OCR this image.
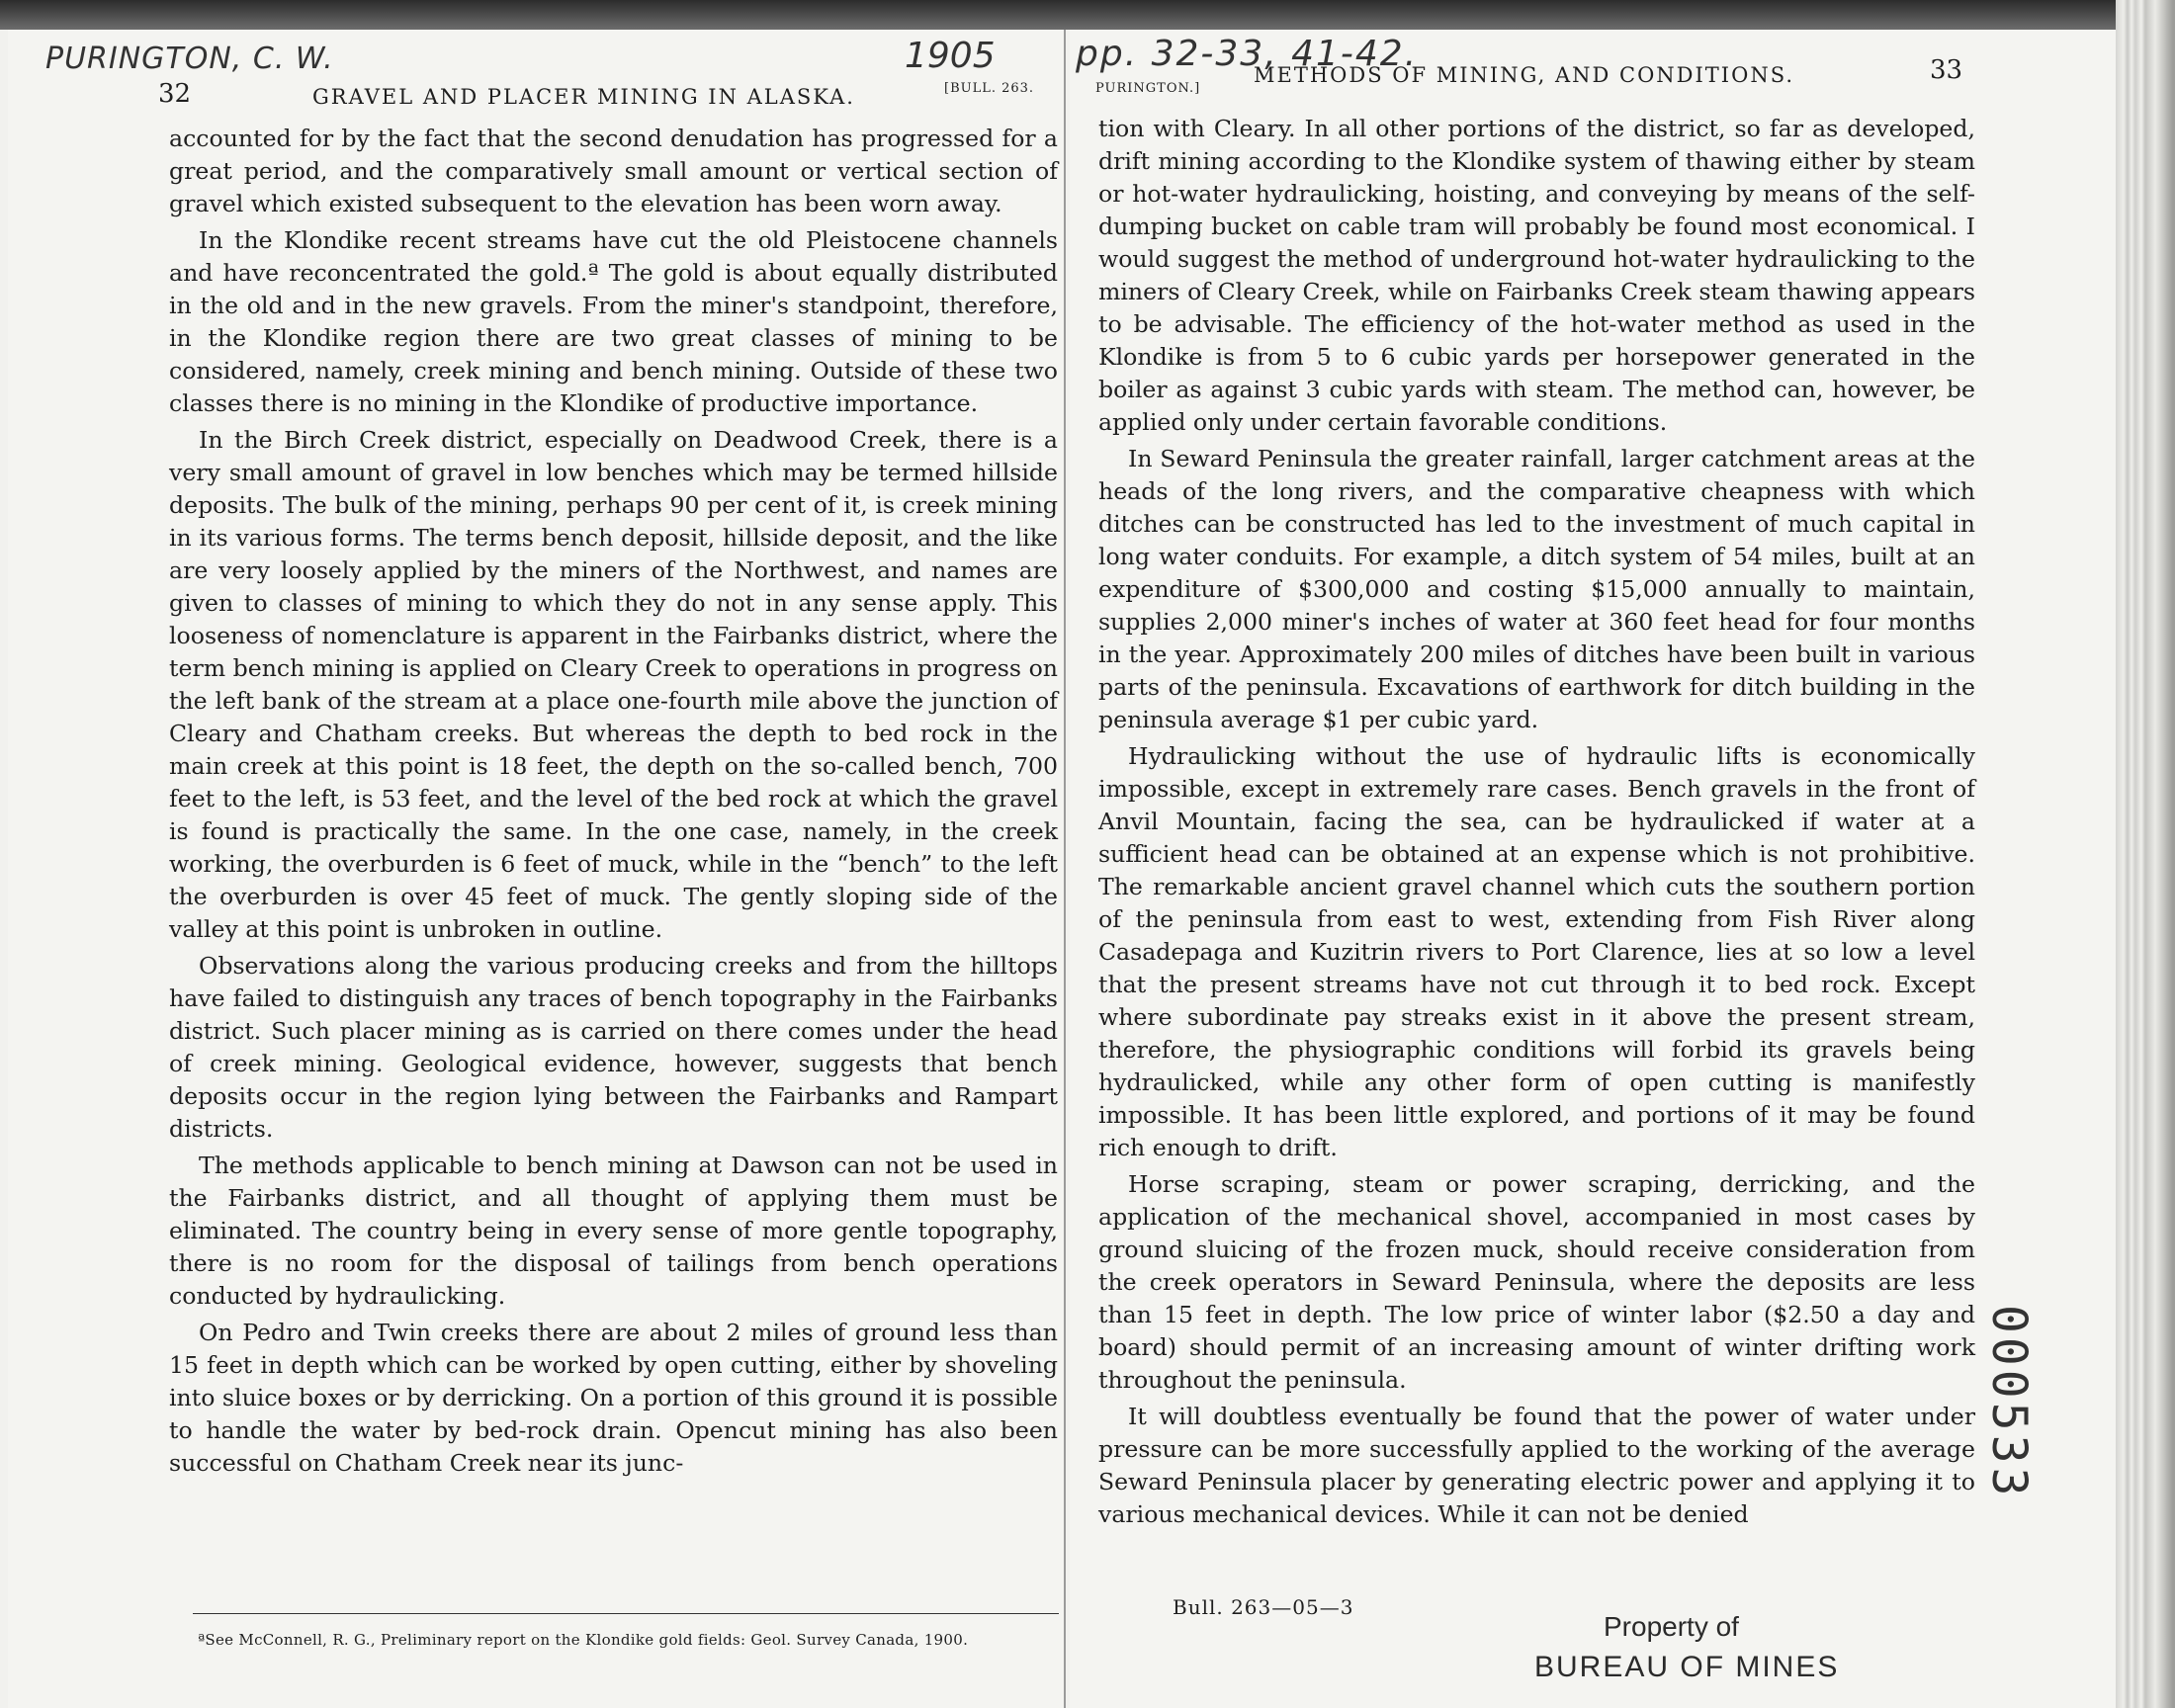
PURINGTON, C. W.	1905 pp. 32-33, 41-42.
32	GRAVEL AND PLACER MINING IN ALASKA.	[BULL. 263.

accounted for by the fact that the second denudation has progressed for a great period, and the comparatively small amount or vertical section of gravel which existed subsequent to the elevation has been worn away.

In the Klondike recent streams have cut the old Pleistocene channels and have reconcentrated the gold.ª The gold is about equally distributed in the old and in the new gravels. From the miner's standpoint, therefore, in the Klondike region there are two great classes of mining to be considered, namely, creek mining and bench mining. Outside of these two classes there is no mining in the Klondike of productive importance.

In the Birch Creek district, especially on Deadwood Creek, there is a very small amount of gravel in low benches which may be termed hillside deposits. The bulk of the mining, perhaps 90 per cent of it, is creek mining in its various forms. The terms bench deposit, hillside deposit, and the like are very loosely applied by the miners of the Northwest, and names are given to classes of mining to which they do not in any sense apply. This looseness of nomenclature is apparent in the Fairbanks district, where the term bench mining is applied on Cleary Creek to operations in progress on the left bank of the stream at a place one-fourth mile above the junction of Cleary and Chatham creeks. But whereas the depth to bed rock in the main creek at this point is 18 feet, the depth on the so-called bench, 700 feet to the left, is 53 feet, and the level of the bed rock at which the gravel is found is practically the same. In the one case, namely, in the creek working, the overburden is 6 feet of muck, while in the “bench” to the left the overburden is over 45 feet of muck. The gently sloping side of the valley at this point is unbroken in outline.

Observations along the various producing creeks and from the hilltops have failed to distinguish any traces of bench topography in the Fairbanks district. Such placer mining as is carried on there comes under the head of creek mining. Geological evidence, however, suggests that bench deposits occur in the region lying between the Fairbanks and Rampart districts.

The methods applicable to bench mining at Dawson can not be used in the Fairbanks district, and all thought of applying them must be eliminated. The country being in every sense of more gentle topography, there is no room for the disposal of tailings from bench operations conducted by hydraulicking.

On Pedro and Twin creeks there are about 2 miles of ground less than 15 feet in depth which can be worked by open cutting, either by shoveling into sluice boxes or by derricking. On a portion of this ground it is possible to handle the water by bed-rock drain. Opencut mining has also been successful on Chatham Creek near its junc-

ªSee McConnell, R. G., Preliminary report on the Klondike gold fields: Geol. Survey Canada, 1900.
PURINGTON.]
METHODS OF MINING, AND CONDITIONS.	33

tion with Cleary. In all other portions of the district, so far as developed, drift mining according to the Klondike system of thawing either by steam or hot-water hydraulicking, hoisting, and conveying by means of the self-dumping bucket on cable tram will probably be found most economical. I would suggest the method of underground hot-water hydraulicking to the miners of Cleary Creek, while on Fairbanks Creek steam thawing appears to be advisable. The efficiency of the hot-water method as used in the Klondike is from 5 to 6 cubic yards per horsepower generated in the boiler as against 3 cubic yards with steam. The method can, however, be applied only under certain favorable conditions.

In Seward Peninsula the greater rainfall, larger catchment areas at the heads of the long rivers, and the comparative cheapness with which ditches can be constructed has led to the investment of much capital in long water conduits. For example, a ditch system of 54 miles, built at an expenditure of $300,000 and costing $15,000 annually to maintain, supplies 2,000 miner's inches of water at 360 feet head for four months in the year. Approximately 200 miles of ditches have been built in various parts of the peninsula. Excavations of earthwork for ditch building in the peninsula average $1 per cubic yard.

Hydraulicking without the use of hydraulic lifts is economically impossible, except in extremely rare cases. Bench gravels in the front of Anvil Mountain, facing the sea, can be hydraulicked if water at a sufficient head can be obtained at an expense which is not prohibitive. The remarkable ancient gravel channel which cuts the southern portion of the peninsula from east to west, extending from Fish River along Casadepaga and Kuzitrin rivers to Port Clarence, lies at so low a level that the present streams have not cut through it to bed rock. Except where subordinate pay streaks exist in it above the present stream, therefore, the physiographic conditions will forbid its gravels being hydraulicked, while any other form of open cutting is manifestly impossible. It has been little explored, and portions of it may be found rich enough to drift.

Horse scraping, steam or power scraping, derricking, and the application of the mechanical shovel, accompanied in most cases by ground sluicing of the frozen muck, should receive consideration from the creek operators in Seward Peninsula, where the deposits are less than 15 feet in depth. The low price of winter labor ($2.50 a day and board) should permit of an increasing amount of winter drifting work throughout the peninsula.

It will doubtless eventually be found that the power of water under pressure can be more successfully applied to the working of the average Seward Peninsula placer by generating electric power and applying it to various mechanical devices. While it can not be denied

Bull. 263—05—3
Property of
BUREAU OF MINES
000533
